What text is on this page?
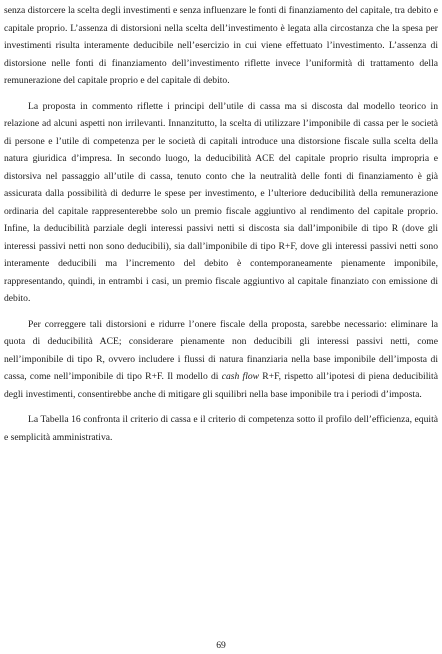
senza distorcere la scelta degli investimenti e senza influenzare le fonti di finanziamento del capitale, tra debito e capitale proprio. L’assenza di distorsioni nella scelta dell’investimento è legata alla circostanza che la spesa per investimenti risulta interamente deducibile nell’esercizio in cui viene effettuato l’investimento. L’assenza di distorsione nelle fonti di finanziamento dell’investimento riflette invece l’uniformità di trattamento della remunerazione del capitale proprio e del capitale di debito.

La proposta in commento riflette i principi dell’utile di cassa ma si discosta dal modello teorico in relazione ad alcuni aspetti non irrilevanti. Innanzitutto, la scelta di utilizzare l’imponibile di cassa per le società di persone e l’utile di competenza per le società di capitali introduce una distorsione fiscale sulla scelta della natura giuridica d’impresa. In secondo luogo, la deducibilità ACE del capitale proprio risulta impropria e distorsiva nel passaggio all’utile di cassa, tenuto conto che la neutralità delle fonti di finanziamento è già assicurata dalla possibilità di dedurre le spese per investimento, e l’ulteriore deducibilità della remunerazione ordinaria del capitale rappresenterebbe solo un premio fiscale aggiuntivo al rendimento del capitale proprio. Infine, la deducibilità parziale degli interessi passivi netti si discosta sia dall’imponibile di tipo R (dove gli interessi passivi netti non sono deducibili), sia dall’imponibile di tipo R+F, dove gli interessi passivi netti sono interamente deducibili ma l’incremento del debito è contemporaneamente pienamente imponibile, rappresentando, quindi, in entrambi i casi, un premio fiscale aggiuntivo al capitale finanziato con emissione di debito.

Per correggere tali distorsioni e ridurre l’onere fiscale della proposta, sarebbe necessario: eliminare la quota di deducibilità ACE; considerare pienamente non deducibili gli interessi passivi netti, come nell’imponibile di tipo R, ovvero includere i flussi di natura finanziaria nella base imponibile dell’imposta di cassa, come nell’imponibile di tipo R+F. Il modello di cash flow R+F, rispetto all’ipotesi di piena deducibilità degli investimenti, consentirebbe anche di mitigare gli squilibri nella base imponibile tra i periodi d’imposta.

La Tabella 16 confronta il criterio di cassa e il criterio di competenza sotto il profilo dell’efficienza, equità e semplicità amministrativa.

69
